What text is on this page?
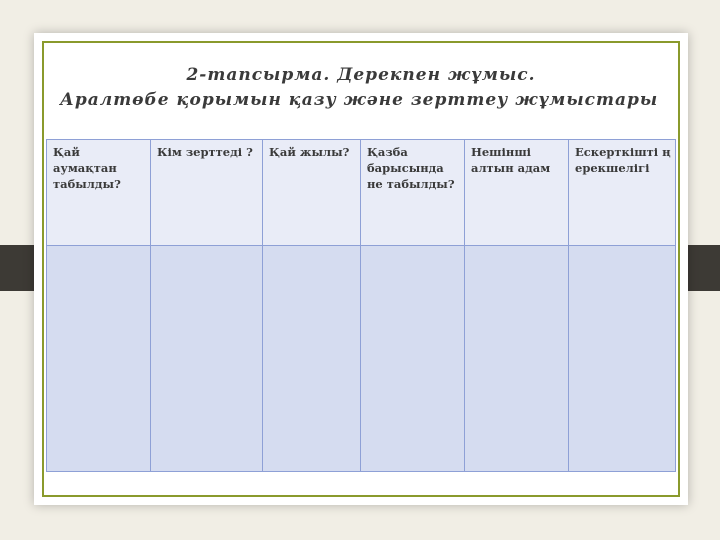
2-тапсырма. Дерекпен жұмыс.
Аралтөбе қорымын қазу және зерттеу жұмыстары
Қай аумақтан табылды?	Кім зерттеді ?	Қай жылы?	Қазба барысында не табылды?	Нешінші алтын адам	Ескерткішті ң ерекшелігі
